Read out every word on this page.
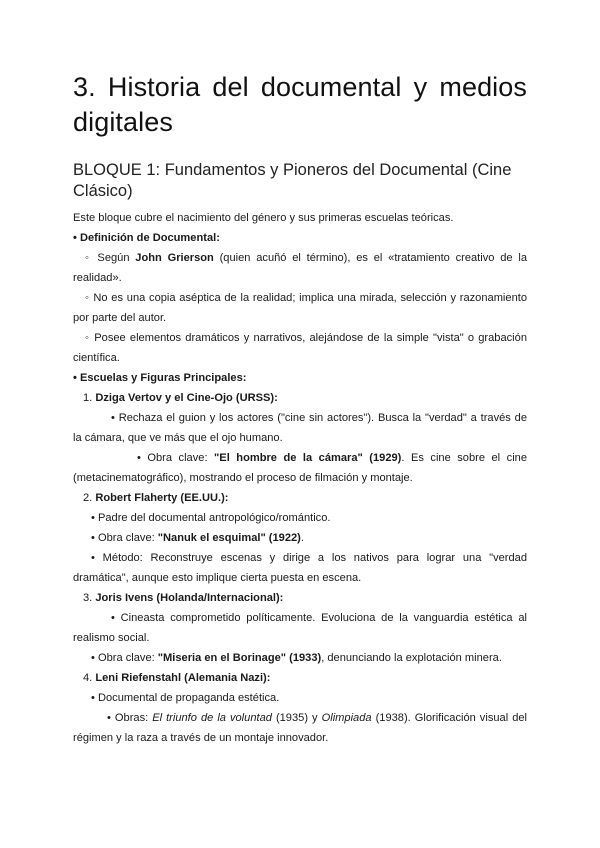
3. Historia del documental y medios digitales
BLOQUE 1: Fundamentos y Pioneros del Documental (Cine Clásico)

Este bloque cubre el nacimiento del género y sus primeras escuelas teóricas.

• Definición de Documental:

◦ Según John Grierson (quien acuñó el término), es el «tratamiento creativo de la realidad».

◦ No es una copia aséptica de la realidad; implica una mirada, selección y razonamiento por parte del autor.

◦ Posee elementos dramáticos y narrativos, alejándose de la simple "vista" o grabación científica.

• Escuelas y Figuras Principales:

1. Dziga Vertov y el Cine-Ojo (URSS):

• Rechaza el guion y los actores ("cine sin actores"). Busca la "verdad" a través de la cámara, que ve más que el ojo humano.

• Obra clave: "El hombre de la cámara" (1929). Es cine sobre el cine (metacinematográfico), mostrando el proceso de filmación y montaje.

2. Robert Flaherty (EE.UU.):

• Padre del documental antropológico/romántico.

• Obra clave: "Nanuk el esquimal" (1922).

• Método: Reconstruye escenas y dirige a los nativos para lograr una "verdad dramática", aunque esto implique cierta puesta en escena.

3. Joris Ivens (Holanda/Internacional):

• Cineasta comprometido políticamente. Evoluciona de la vanguardia estética al realismo social.

• Obra clave: "Miseria en el Borinage" (1933), denunciando la explotación minera.

4. Leni Riefenstahl (Alemania Nazi):

• Documental de propaganda estética.

• Obras: El triunfo de la voluntad (1935) y Olimpiada (1938). Glorificación visual del régimen y la raza a través de un montaje innovador.
